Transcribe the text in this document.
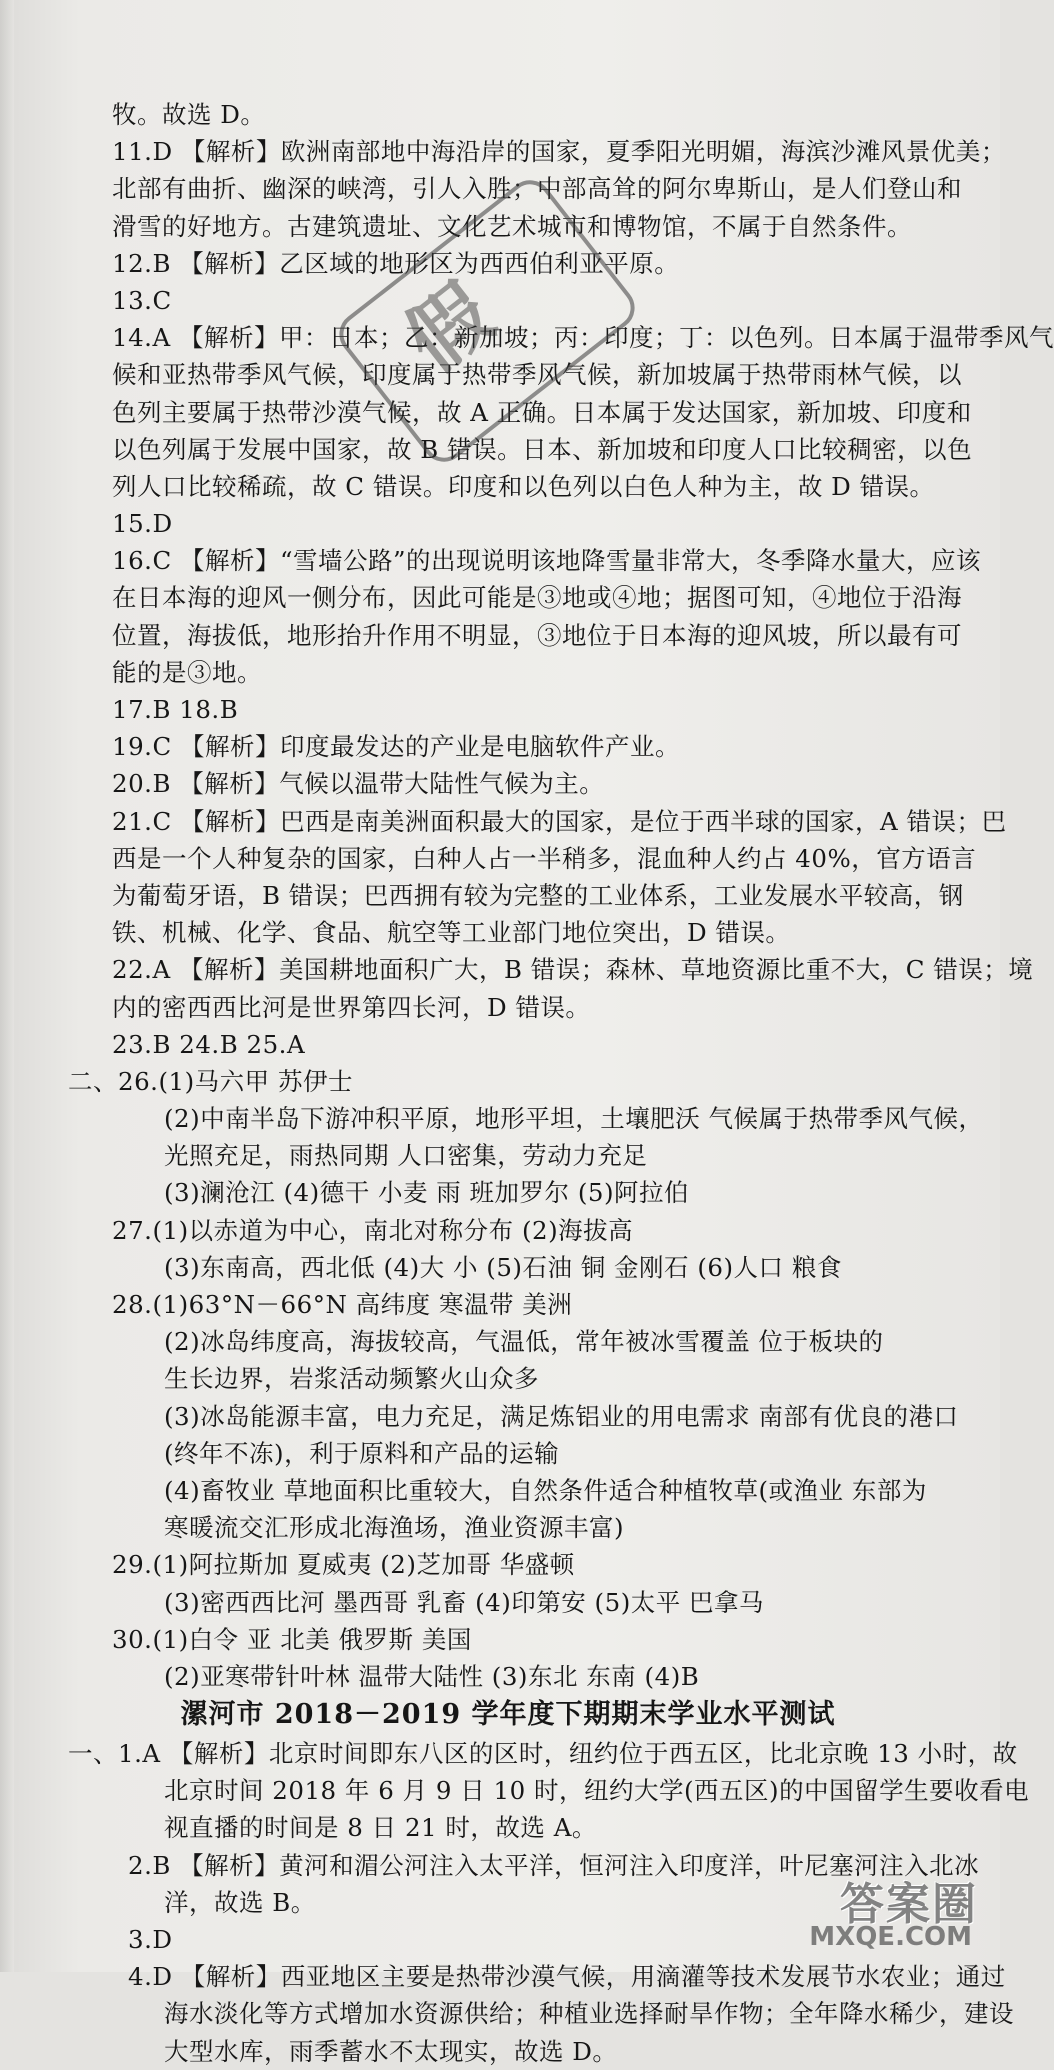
牧。故选 D。
11.D 【解析】欧洲南部地中海沿岸的国家，夏季阳光明媚，海滨沙滩风景优美；
北部有曲折、幽深的峡湾，引人入胜；中部高耸的阿尔卑斯山，是人们登山和
滑雪的好地方。古建筑遗址、文化艺术城市和博物馆，不属于自然条件。
12.B 【解析】乙区域的地形区为西西伯利亚平原。
13.C
14.A 【解析】甲：日本；乙：新加坡；丙：印度；丁：以色列。日本属于温带季风气
候和亚热带季风气候，印度属于热带季风气候，新加坡属于热带雨林气候，以
色列主要属于热带沙漠气候，故 A 正确。日本属于发达国家，新加坡、印度和
以色列属于发展中国家，故 B 错误。日本、新加坡和印度人口比较稠密，以色
列人口比较稀疏，故 C 错误。印度和以色列以白色人种为主，故 D 错误。
15.D
16.C 【解析】“雪墙公路”的出现说明该地降雪量非常大，冬季降水量大，应该
在日本海的迎风一侧分布，因此可能是③地或④地；据图可知，④地位于沿海
位置，海拔低，地形抬升作用不明显，③地位于日本海的迎风坡，所以最有可
能的是③地。
17.B 18.B
19.C 【解析】印度最发达的产业是电脑软件产业。
20.B 【解析】气候以温带大陆性气候为主。
21.C 【解析】巴西是南美洲面积最大的国家，是位于西半球的国家，A 错误；巴
西是一个人种复杂的国家，白种人占一半稍多，混血种人约占 40%，官方语言
为葡萄牙语，B 错误；巴西拥有较为完整的工业体系，工业发展水平较高，钢
铁、机械、化学、食品、航空等工业部门地位突出，D 错误。
22.A 【解析】美国耕地面积广大，B 错误；森林、草地资源比重不大，C 错误；境
内的密西西比河是世界第四长河，D 错误。
23.B 24.B 25.A
二、26.(1)马六甲 苏伊士
(2)中南半岛下游冲积平原，地形平坦，土壤肥沃 气候属于热带季风气候，
光照充足，雨热同期 人口密集，劳动力充足
(3)澜沧江 (4)德干 小麦 雨 班加罗尔 (5)阿拉伯
27.(1)以赤道为中心，南北对称分布 (2)海拔高
(3)东南高，西北低 (4)大 小 (5)石油 铜 金刚石 (6)人口 粮食
28.(1)63°N－66°N 高纬度 寒温带 美洲
(2)冰岛纬度高，海拔较高，气温低，常年被冰雪覆盖 位于板块的
生长边界，岩浆活动频繁火山众多
(3)冰岛能源丰富，电力充足，满足炼铝业的用电需求 南部有优良的港口
(终年不冻)，利于原料和产品的运输
(4)畜牧业 草地面积比重较大，自然条件适合种植牧草(或渔业 东部为
寒暖流交汇形成北海渔场，渔业资源丰富)
29.(1)阿拉斯加 夏威夷 (2)芝加哥 华盛顿
(3)密西西比河 墨西哥 乳畜 (4)印第安 (5)太平 巴拿马
30.(1)白令 亚 北美 俄罗斯 美国
(2)亚寒带针叶林 温带大陆性 (3)东北 东南 (4)B
漯河市 2018－2019 学年度下期期末学业水平测试
一、1.A 【解析】北京时间即东八区的区时，纽约位于西五区，比北京晚 13 小时，故
北京时间 2018 年 6 月 9 日 10 时，纽约大学(西五区)的中国留学生要收看电
视直播的时间是 8 日 21 时，故选 A。
2.B 【解析】黄河和湄公河注入太平洋，恒河注入印度洋，叶尼塞河注入北冰
洋，故选 B。
3.D
4.D 【解析】西亚地区主要是热带沙漠气候，用滴灌等技术发展节水农业；通过
海水淡化等方式增加水资源供给；种植业选择耐旱作物；全年降水稀少，建设
大型水库，雨季蓄水不太现实，故选 D。
假
答案圈
MXQE.COM
